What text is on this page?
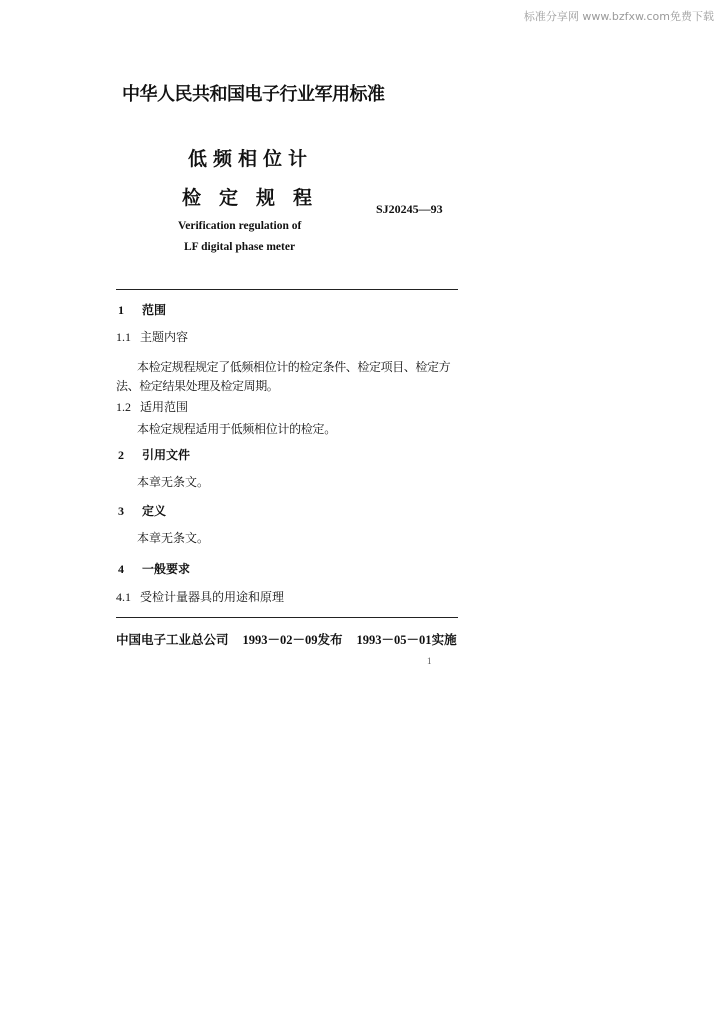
标准分享网 www.bzfxw.com免费下载
中华人民共和国电子行业军用标准
低频相位计
检定规程	SJ20245—93
Verification regulation of
LF digital phase meter
1 范围
1.1 主题内容
本检定规程规定了低频相位计的检定条件、检定项目、检定方
法、检定结果处理及检定周期。
1.2 适用范围
本检定规程适用于低频相位计的检定。
2 引用文件
本章无条文。
3 定义
本章无条文。
4 一般要求
4.1 受检计量器具的用途和原理
中国电子工业总公司 1993－02－09发布 1993－05－01实施
1
